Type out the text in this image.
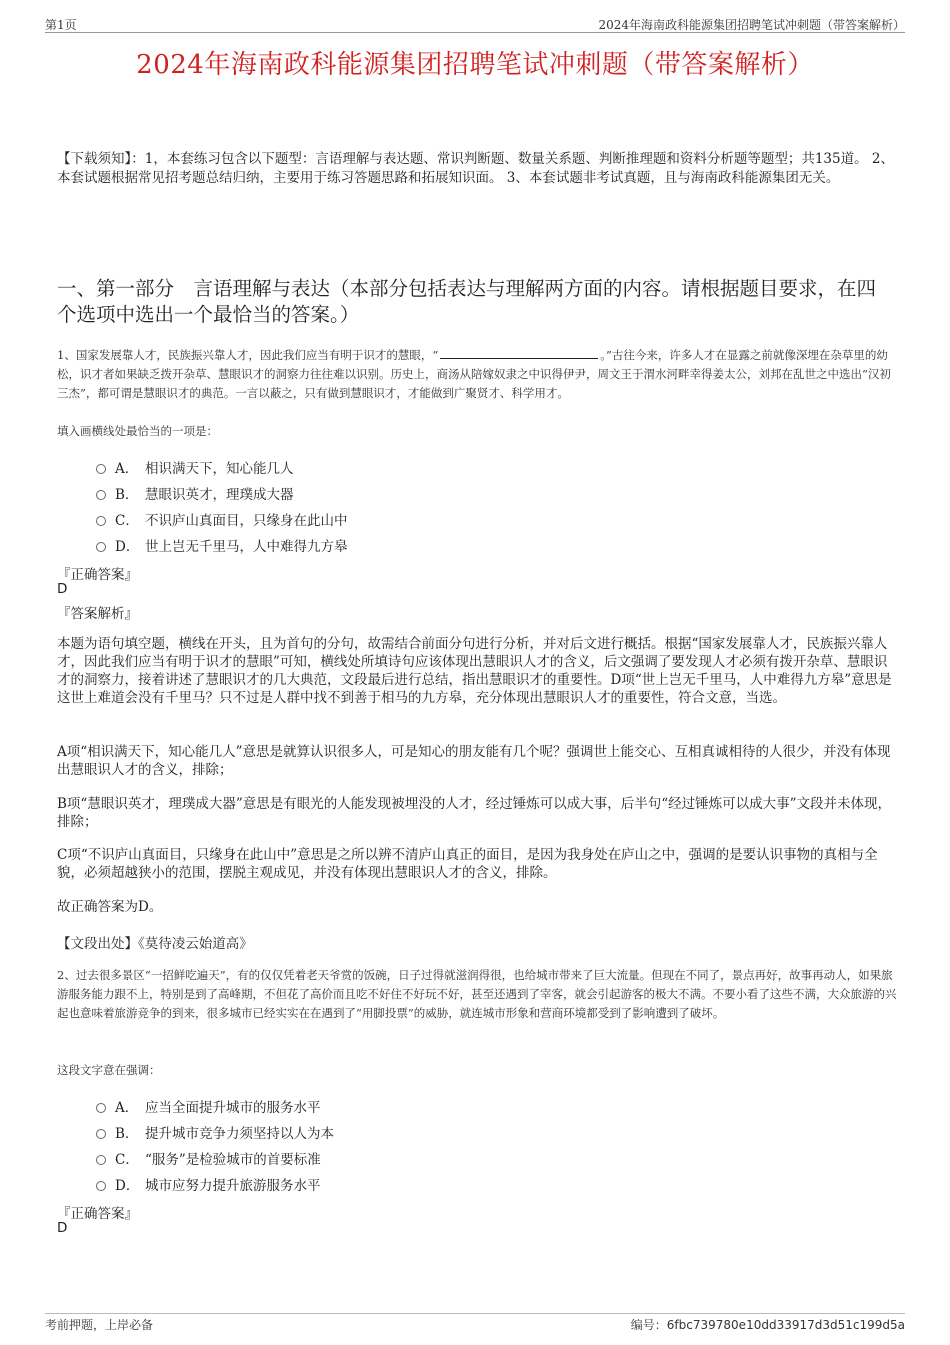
第1页	2024年海南政科能源集团招聘笔试冲刺题（带答案解析）
2024年海南政科能源集团招聘笔试冲刺题（带答案解析）
【下载须知】：1，本套练习包含以下题型：言语理解与表达题、常识判断题、数量关系题、判断推理题和资料分析题等题型；共135道。 2、本套试题根据常见招考题总结归纳，主要用于练习答题思路和拓展知识面。 3、本套试题非考试真题，且与海南政科能源集团无关。
一、第一部分　言语理解与表达（本部分包括表达与理解两方面的内容。请根据题目要求，在四个选项中选出一个最恰当的答案。）
1、国家发展靠人才，民族振兴靠人才，因此我们应当有明于识才的慧眼，“	。”古往今来，许多人才在显露之前就像深埋在杂草里的幼松，识才者如果缺乏拨开杂草、慧眼识才的洞察力往往难以识别。历史上，商汤从陪嫁奴隶之中识得伊尹，周文王于渭水河畔幸得姜太公，刘邦在乱世之中选出“汉初三杰”，都可谓是慧眼识才的典范。一言以蔽之，只有做到慧眼识才，才能做到广聚贤才、科学用才。
填入画横线处最恰当的一项是：
A． 相识满天下，知心能几人
B． 慧眼识英才，理璞成大器
C． 不识庐山真面目，只缘身在此山中
D． 世上岂无千里马，人中难得九方皋
『正确答案』
D
『答案解析』
本题为语句填空题，横线在开头，且为首句的分句，故需结合前面分句进行分析，并对后文进行概括。根据“国家发展靠人才，民族振兴靠人才，因此我们应当有明于识才的慧眼”可知，横线处所填诗句应该体现出慧眼识人才的含义，后文强调了要发现人才必须有拨开杂草、慧眼识才的洞察力，接着讲述了慧眼识才的几大典范，文段最后进行总结，指出慧眼识才的重要性。D项“世上岂无千里马，人中难得九方皋”意思是这世上难道会没有千里马？只不过是人群中找不到善于相马的九方皋，充分体现出慧眼识人才的重要性，符合文意，当选。
A项“相识满天下，知心能几人”意思是就算认识很多人，可是知心的朋友能有几个呢？强调世上能交心、互相真诚相待的人很少，并没有体现出慧眼识人才的含义，排除；
B项“慧眼识英才，理璞成大器”意思是有眼光的人能发现被埋没的人才，经过锤炼可以成大事，后半句“经过锤炼可以成大事”文段并未体现，排除；
C项“不识庐山真面目，只缘身在此山中”意思是之所以辨不清庐山真正的面目，是因为我身处在庐山之中，强调的是要认识事物的真相与全貌，必须超越狭小的范围，摆脱主观成见，并没有体现出慧眼识人才的含义，排除。
故正确答案为D。
【文段出处】《莫待凌云始道高》
2、过去很多景区“一招鲜吃遍天”，有的仅仅凭着老天爷赏的饭碗，日子过得就滋润得很，也给城市带来了巨大流量。但现在不同了，景点再好，故事再动人，如果旅游服务能力跟不上，特别是到了高峰期，不但花了高价而且吃不好住不好玩不好，甚至还遇到了宰客，就会引起游客的极大不满。不要小看了这些不满，大众旅游的兴起也意味着旅游竞争的到来，很多城市已经实实在在遇到了“用脚投票”的威胁，就连城市形象和营商环境都受到了影响遭到了破坏。
这段文字意在强调：
A． 应当全面提升城市的服务水平
B． 提升城市竞争力须坚持以人为本
C． “服务”是检验城市的首要标准
D． 城市应努力提升旅游服务水平
『正确答案』
D
考前押题，上岸必备	编号：6fbc739780e10dd33917d3d51c199d5a
